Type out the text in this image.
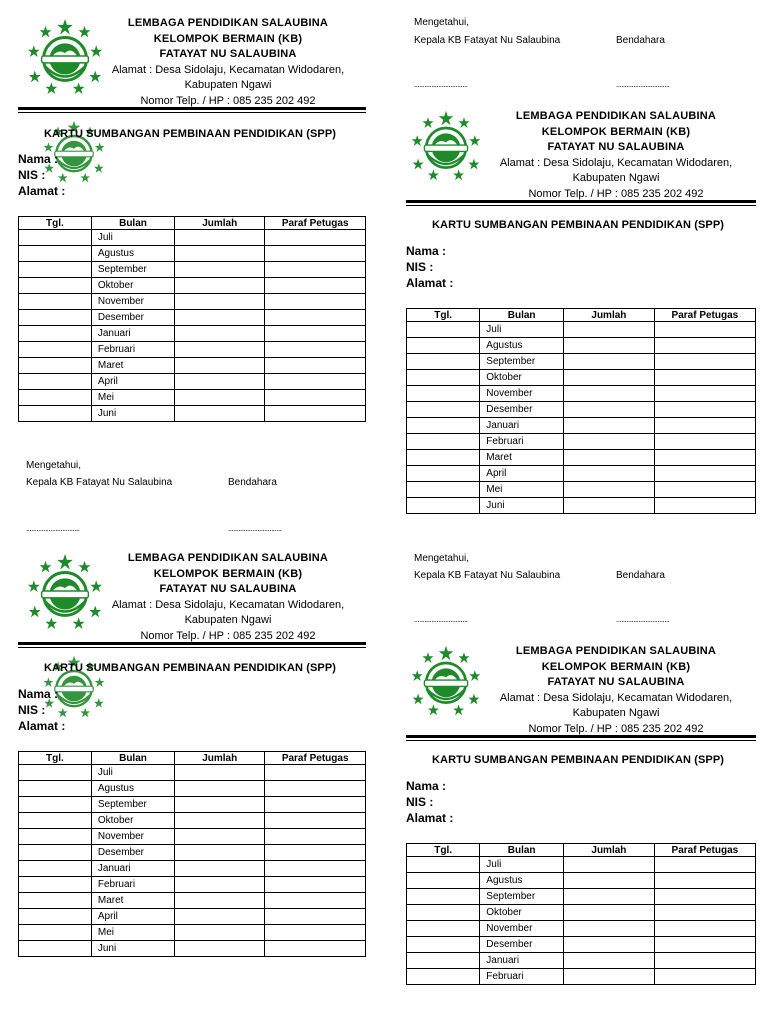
LEMBAGA PENDIDIKAN SALAUBINA
KELOMPOK BERMAIN (KB)
FATAYAT NU SALAUBINA
Alamat : Desa Sidolaju, Kecamatan Widodaren,
Kabupaten Ngawi
Nomor Telp. / HP : 085 235 202 492
KARTU SUMBANGAN PEMBINAAN PENDIDIKAN (SPP)
Nama :
NIS :
Alamat :
Tgl.	Bulan	Jumlah	Paraf Petugas
	Juli		
	Agustus		
	September		
	Oktober		
	November		
	Desember		
	Januari		
	Februari		
	Maret		
	April		
	Mei		
	Juni		
Mengetahui,
Kepala KB Fatayat Nu Salaubina	Bendahara
...............................	...............................
Mengetahui,
Kepala KB Fatayat Nu Salaubina	Bendahara
...............................	...............................
LEMBAGA PENDIDIKAN SALAUBINA
KELOMPOK BERMAIN (KB)
FATAYAT NU SALAUBINA
Alamat : Desa Sidolaju, Kecamatan Widodaren,
Kabupaten Ngawi
Nomor Telp. / HP : 085 235 202 492
KARTU SUMBANGAN PEMBINAAN PENDIDIKAN (SPP)
Nama :
NIS :
Alamat :
Tgl.	Bulan	Jumlah	Paraf Petugas
	Juli		
	Agustus		
	September		
	Oktober		
	November		
	Desember		
	Januari		
	Februari		
	Maret		
	April		
	Mei		
	Juni		
LEMBAGA PENDIDIKAN SALAUBINA
KELOMPOK BERMAIN (KB)
FATAYAT NU SALAUBINA
Alamat : Desa Sidolaju, Kecamatan Widodaren,
Kabupaten Ngawi
Nomor Telp. / HP : 085 235 202 492
KARTU SUMBANGAN PEMBINAAN PENDIDIKAN (SPP)
Nama :
NIS :
Alamat :
Tgl.	Bulan	Jumlah	Paraf Petugas
	Juli		
	Agustus		
	September		
	Oktober		
	November		
	Desember		
	Januari		
	Februari		
	Maret		
	April		
	Mei		
	Juni		
Mengetahui,
Kepala KB Fatayat Nu Salaubina	Bendahara
...............................	...............................
LEMBAGA PENDIDIKAN SALAUBINA
KELOMPOK BERMAIN (KB)
FATAYAT NU SALAUBINA
Alamat : Desa Sidolaju, Kecamatan Widodaren,
Kabupaten Ngawi
Nomor Telp. / HP : 085 235 202 492
KARTU SUMBANGAN PEMBINAAN PENDIDIKAN (SPP)
Nama :
NIS :
Alamat :
Tgl.	Bulan	Jumlah	Paraf Petugas
	Juli		
	Agustus		
	September		
	Oktober		
	November		
	Desember		
	Januari		
	Februari		
